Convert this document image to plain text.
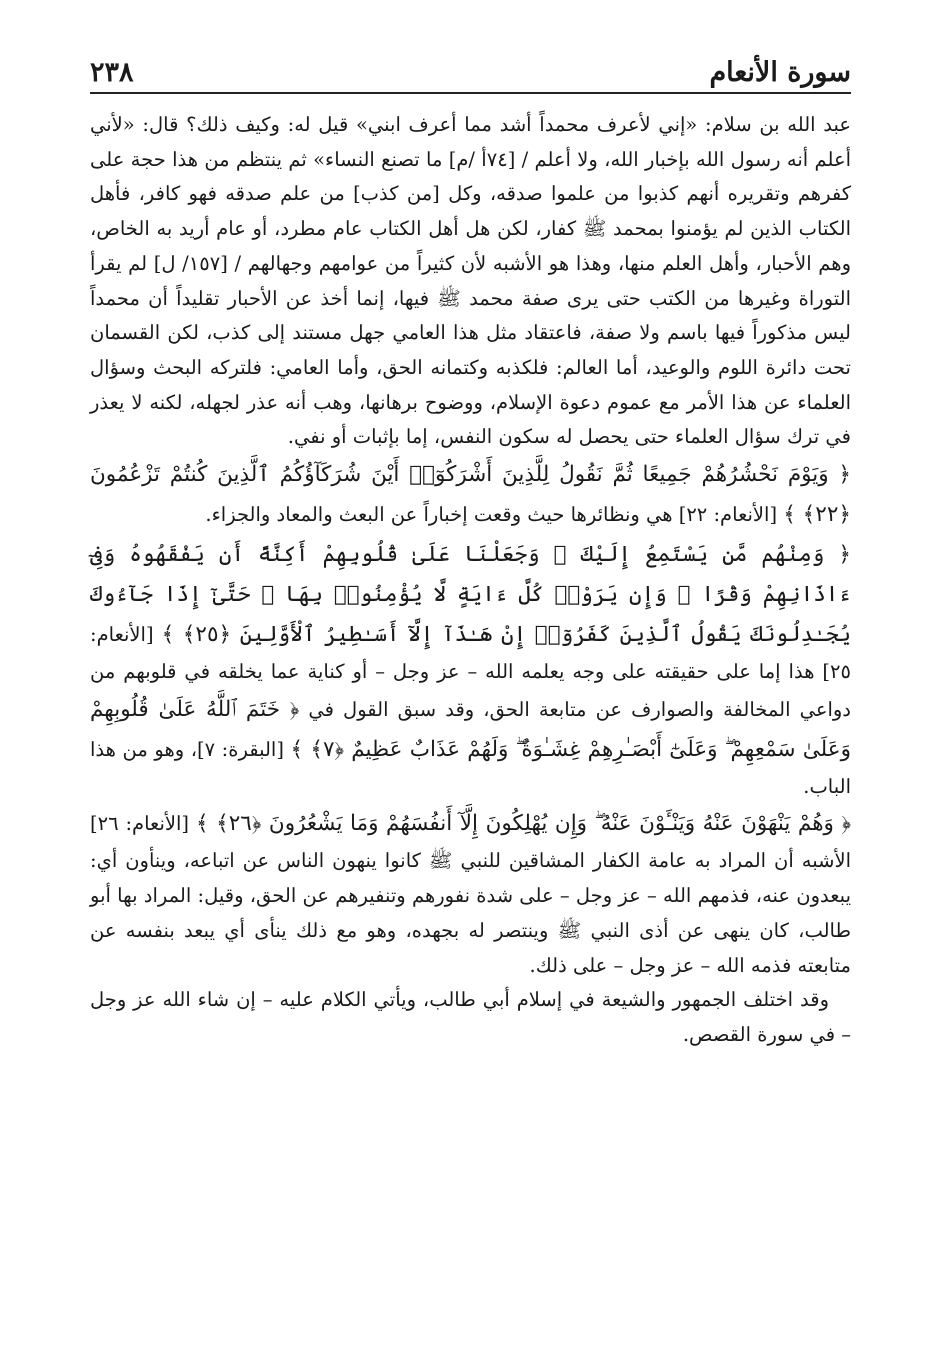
سورة الأنعام
٢٣٨

عبد الله بن سلام: «إني لأعرف محمداً أشد مما أعرف ابني» قيل له: وكيف ذلك؟ قال: «لأني أعلم أنه رسول الله بإخبار الله، ولا أعلم / [٧٤أ /م] ما تصنع النساء» ثم ينتظم من هذا حجة على كفرهم وتقريره أنهم كذبوا من علموا صدقه، وكل [من كذب] من علم صدقه فهو كافر، فأهل الكتاب الذين لم يؤمنوا بمحمد ﷺ كفار، لكن هل أهل الكتاب عام مطرد، أو عام أريد به الخاص، وهم الأحبار، وأهل العلم منها، وهذا هو الأشبه لأن كثيراً من عوامهم وجهالهم / [١٥٧/ ل] لم يقرأ التوراة وغيرها من الكتب حتى يرى صفة محمد ﷺ فيها، إنما أخذ عن الأحبار تقليداً أن محمداً ليس مذكوراً فيها باسم ولا صفة، فاعتقاد مثل هذا العامي جهل مستند إلى كذب، لكن القسمان تحت دائرة اللوم والوعيد، أما العالم: فلكذبه وكتمانه الحق، وأما العامي: فلتركه البحث وسؤال العلماء عن هذا الأمر مع عموم دعوة الإسلام، ووضوح برهانها، وهب أنه عذر لجهله، لكنه لا يعذر في ترك سؤال العلماء حتى يحصل له سكون النفس، إما بإثبات أو نفي.

﴿ وَيَوْمَ نَحْشُرُهُمْ جَمِيعًا ثُمَّ نَقُولُ لِلَّذِينَ أَشْرَكُوٓا۟ أَيْنَ شُرَكَآؤُكُمُ ٱلَّذِينَ كُنتُمْ تَزْعُمُونَ ﴿٢٢﴾ ﴾ [الأنعام: ٢٢] هي ونظائرها حيث وقعت إخباراً عن البعث والمعاد والجزاء.

﴿ وَمِنْهُم مَّن يَسْتَمِعُ إِلَيْكَ ۖ وَجَعَلْنَا عَلَىٰ قُلُوبِهِمْ أَكِنَّةً أَن يَفْقَهُوهُ وَفِىٓ ءَاذَانِهِمْ وَقْرًا ۚ وَإِن يَرَوْا۟ كُلَّ ءَايَةٍ لَّا يُؤْمِنُوا۟ بِهَا ۚ حَتَّىٰٓ إِذَا جَآءُوكَ يُجَـٰدِلُونَكَ يَقُولُ ٱلَّذِينَ كَفَرُوٓا۟ إِنْ هَـٰذَآ إِلَّآ أَسَـٰطِيرُ ٱلْأَوَّلِينَ ﴿٢٥﴾ ﴾ [الأنعام: ٢٥] هذا إما على حقيقته على وجه يعلمه الله – عز وجل – أو كناية عما يخلقه في قلوبهم من دواعي المخالفة والصوارف عن متابعة الحق، وقد سبق القول في ﴿ خَتَمَ ٱللَّهُ عَلَىٰ قُلُوبِهِمْ وَعَلَىٰ سَمْعِهِمْ ۖ وَعَلَىٰٓ أَبْصَـٰرِهِمْ غِشَـٰوَةٌ ۖ وَلَهُمْ عَذَابٌ عَظِيمٌ ﴿٧﴾ ﴾ [البقرة: ٧]، وهو من هذا الباب.

﴿ وَهُمْ يَنْهَوْنَ عَنْهُ وَيَنْـَٔوْنَ عَنْهُ ۖ وَإِن يُهْلِكُونَ إِلَّآ أَنفُسَهُمْ وَمَا يَشْعُرُونَ ﴿٢٦﴾ ﴾ [الأنعام: ٢٦] الأشبه أن المراد به عامة الكفار المشاقين للنبي ﷺ كانوا ينهون الناس عن اتباعه، وينأون أي: يبعدون عنه، فذمهم الله – عز وجل – على شدة نفورهم وتنفيرهم عن الحق، وقيل: المراد بها أبو طالب، كان ينهى عن أذى النبي ﷺ وينتصر له بجهده، وهو مع ذلك ينأى أي يبعد بنفسه عن متابعته فذمه الله – عز وجل – على ذلك.

وقد اختلف الجمهور والشيعة في إسلام أبي طالب، ويأتي الكلام عليه – إن شاء الله عز وجل – في سورة القصص.
